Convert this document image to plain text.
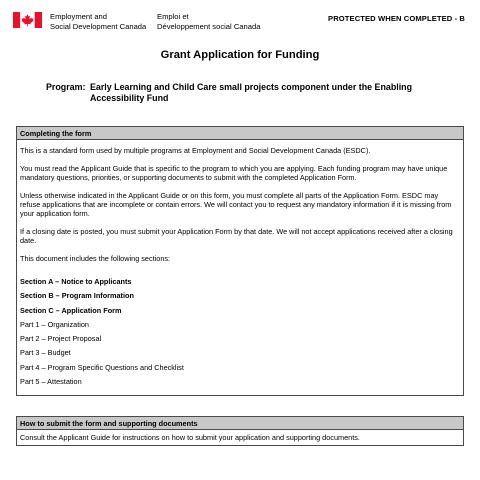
Employment and
Social Development Canada
Emploi et
Développement social Canada
PROTECTED WHEN COMPLETED - B
Grant Application for Funding
Program: Early Learning and Child Care small projects component under the Enabling Accessibility Fund
Completing the form

This is a standard form used by multiple programs at Employment and Social Development Canada (ESDC).

You must read the Applicant Guide that is specific to the program to which you are applying. Each funding program may have unique mandatory questions, priorities, or supporting documents to submit with the completed Application Form.

Unless otherwise indicated in the Applicant Guide or on this form, you must complete all parts of the Application Form. ESDC may refuse applications that are incomplete or contain errors. We will contact you to request any mandatory information if it is missing from your application form.

If a closing date is posted, you must submit your Application Form by that date. We will not accept applications received after a closing date.

This document includes the following sections:

Section A – Notice to Applicants

Section B – Program Information

Section C – Application Form

Part 1 – Organization

Part 2 – Project Proposal

Part 3 – Budget

Part 4 – Program Specific Questions and Checklist

Part 5 – Attestation

How to submit the form and supporting documents
Consult the Applicant Guide for instructions on how to submit your application and supporting documents.
